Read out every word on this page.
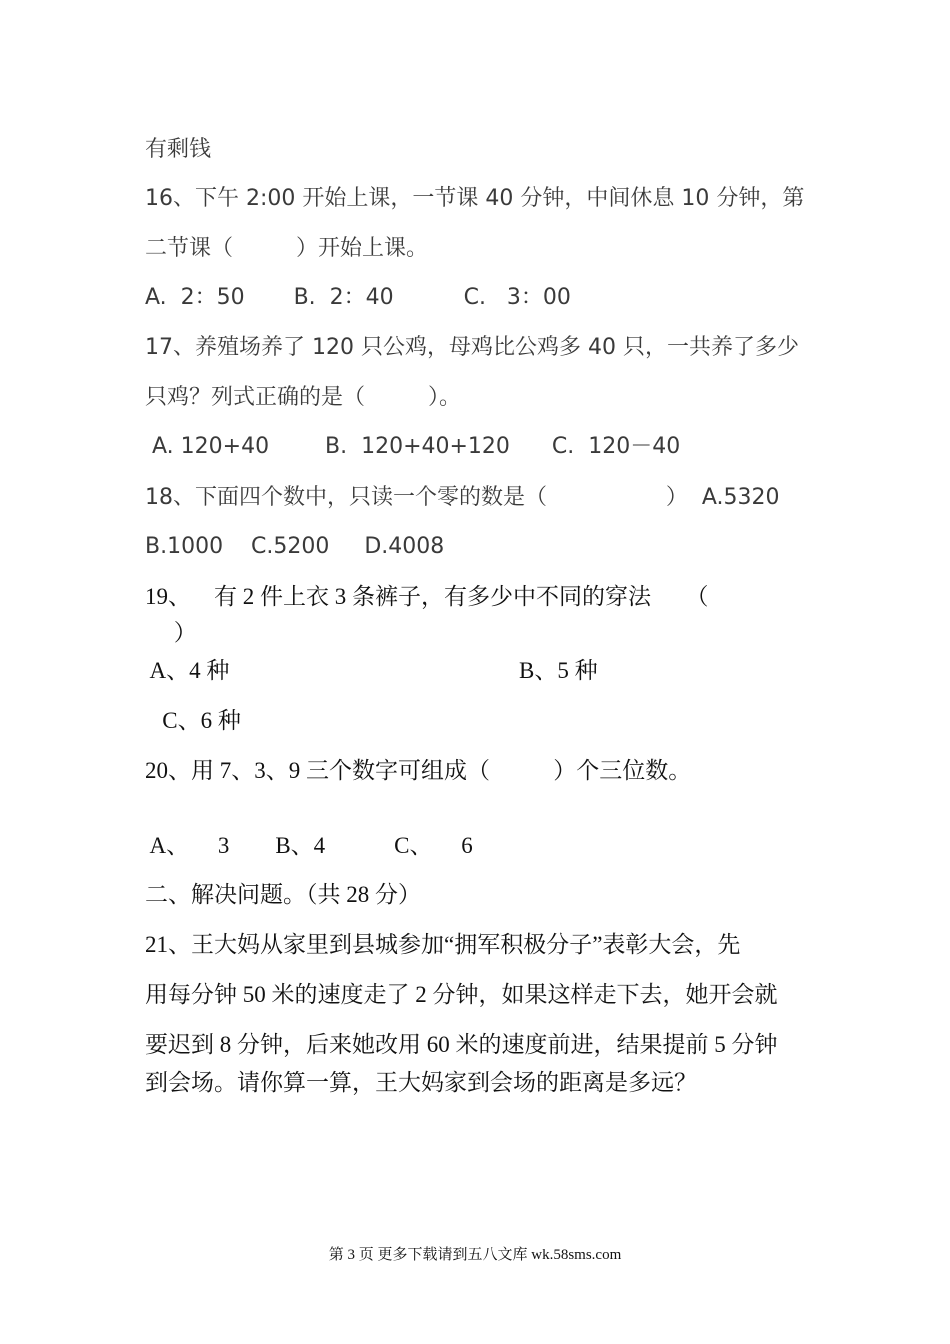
有剩钱
16、下午 2:00 开始上课，一节课 40 分钟，中间休息 10 分钟，第
二节课（         ）开始上课。
A.  2：50       B.  2：40          C.   3：00
17、养殖场养了 120 只公鸡，母鸡比公鸡多 40 只，一共养了多少
只鸡？列式正确的是（         ）。
A. 120+40        B.  120+40+120      C.  120－40
18、下面四个数中，只读一个零的数是（                 ）  A.5320
B.1000    C.5200     D.4008
19、    有 2 件上衣 3 条裤子，有多少中不同的穿法      （
）
A、4 种	B、5 种
C、6 种
20、用 7、3、9 三个数字可组成（           ）个三位数。
A、     3        B、4            C、     6
二、解决问题。（共 28 分）
21、王大妈从家里到县城参加“拥军积极分子”表彰大会，先
用每分钟 50 米的速度走了 2 分钟，如果这样走下去，她开会就
要迟到 8 分钟，后来她改用 60 米的速度前进，结果提前 5 分钟
到会场。请你算一算，王大妈家到会场的距离是多远？
第 3 页 更多下载请到五八文库 wk.58sms.com
